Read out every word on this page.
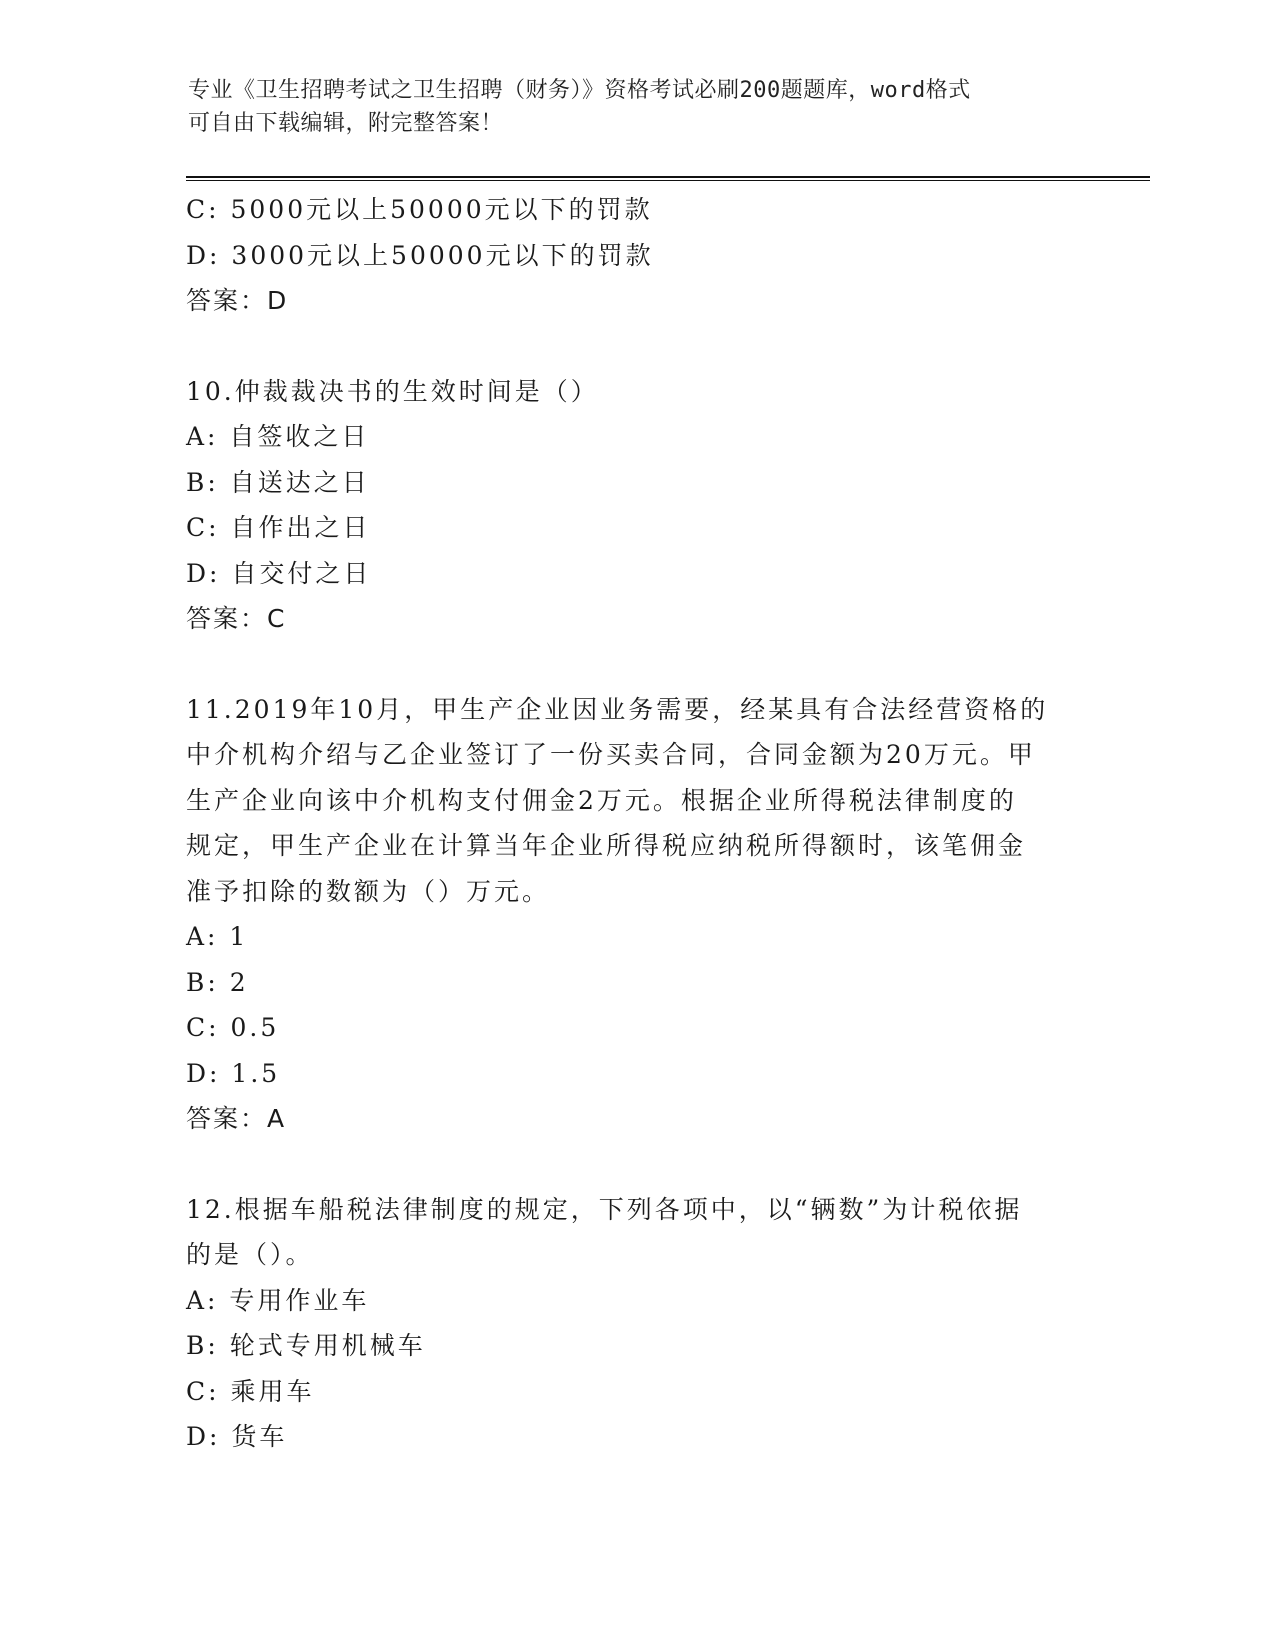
专业《卫生招聘考试之卫生招聘（财务）》资格考试必刷200题题库，word格式
可自由下载编辑，附完整答案！
C: 5000元以上50000元以下的罚款
D: 3000元以上50000元以下的罚款
答案：D
10.仲裁裁决书的生效时间是（）
A: 自签收之日
B: 自送达之日
C: 自作出之日
D: 自交付之日
答案：C
11.2019年10月，甲生产企业因业务需要，经某具有合法经营资格的
中介机构介绍与乙企业签订了一份买卖合同，合同金额为20万元。甲
生产企业向该中介机构支付佣金2万元。根据企业所得税法律制度的
规定，甲生产企业在计算当年企业所得税应纳税所得额时，该笔佣金
准予扣除的数额为（）万元。
A: 1
B: 2
C: 0.5
D: 1.5
答案：A
12.根据车船税法律制度的规定，下列各项中，以“辆数”为计税依据
的是（）。
A: 专用作业车
B: 轮式专用机械车
C: 乘用车
D: 货车
